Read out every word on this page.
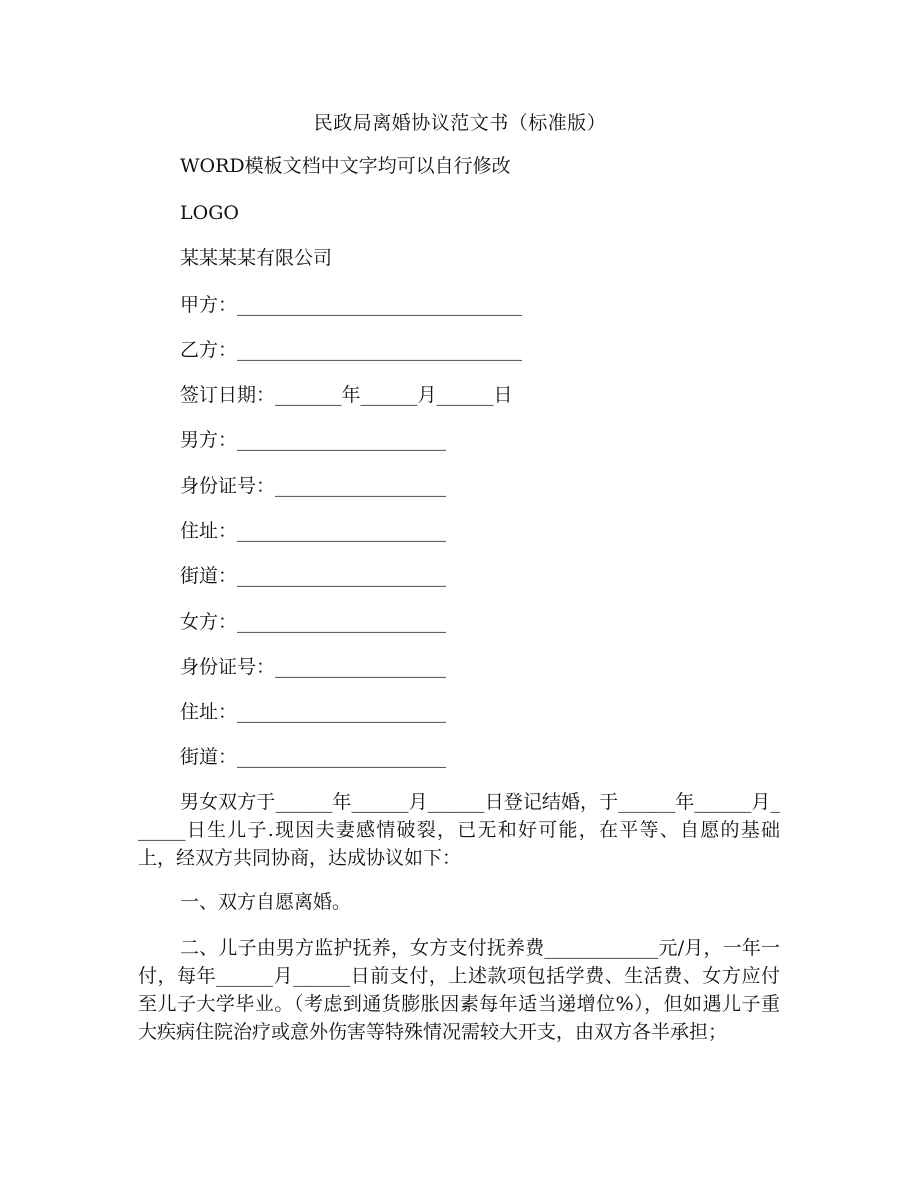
民政局离婚协议范文书（标准版）
WORD模板文档中文字均可以自行修改
LOGO
某某某某有限公司
甲方：______________________________
乙方：______________________________
签订日期：_______年______月______日
男方：______________________
身份证号：__________________
住址：______________________
街道：______________________
女方：______________________
身份证号：__________________
住址：______________________
街道：______________________
男女双方于______年______月______日登记结婚，于______年______月______日生儿子.现因夫妻感情破裂，已无和好可能，在平等、自愿的基础上，经双方共同协商，达成协议如下：
一、双方自愿离婚。
二、儿子由男方监护抚养，女方支付抚养费____________元/月，一年一付，每年______月______日前支付，上述款项包括学费、生活费、女方应付至儿子大学毕业。（考虑到通货膨胀因素每年适当递增位%），但如遇儿子重大疾病住院治疗或意外伤害等特殊情况需较大开支，由双方各半承担；
